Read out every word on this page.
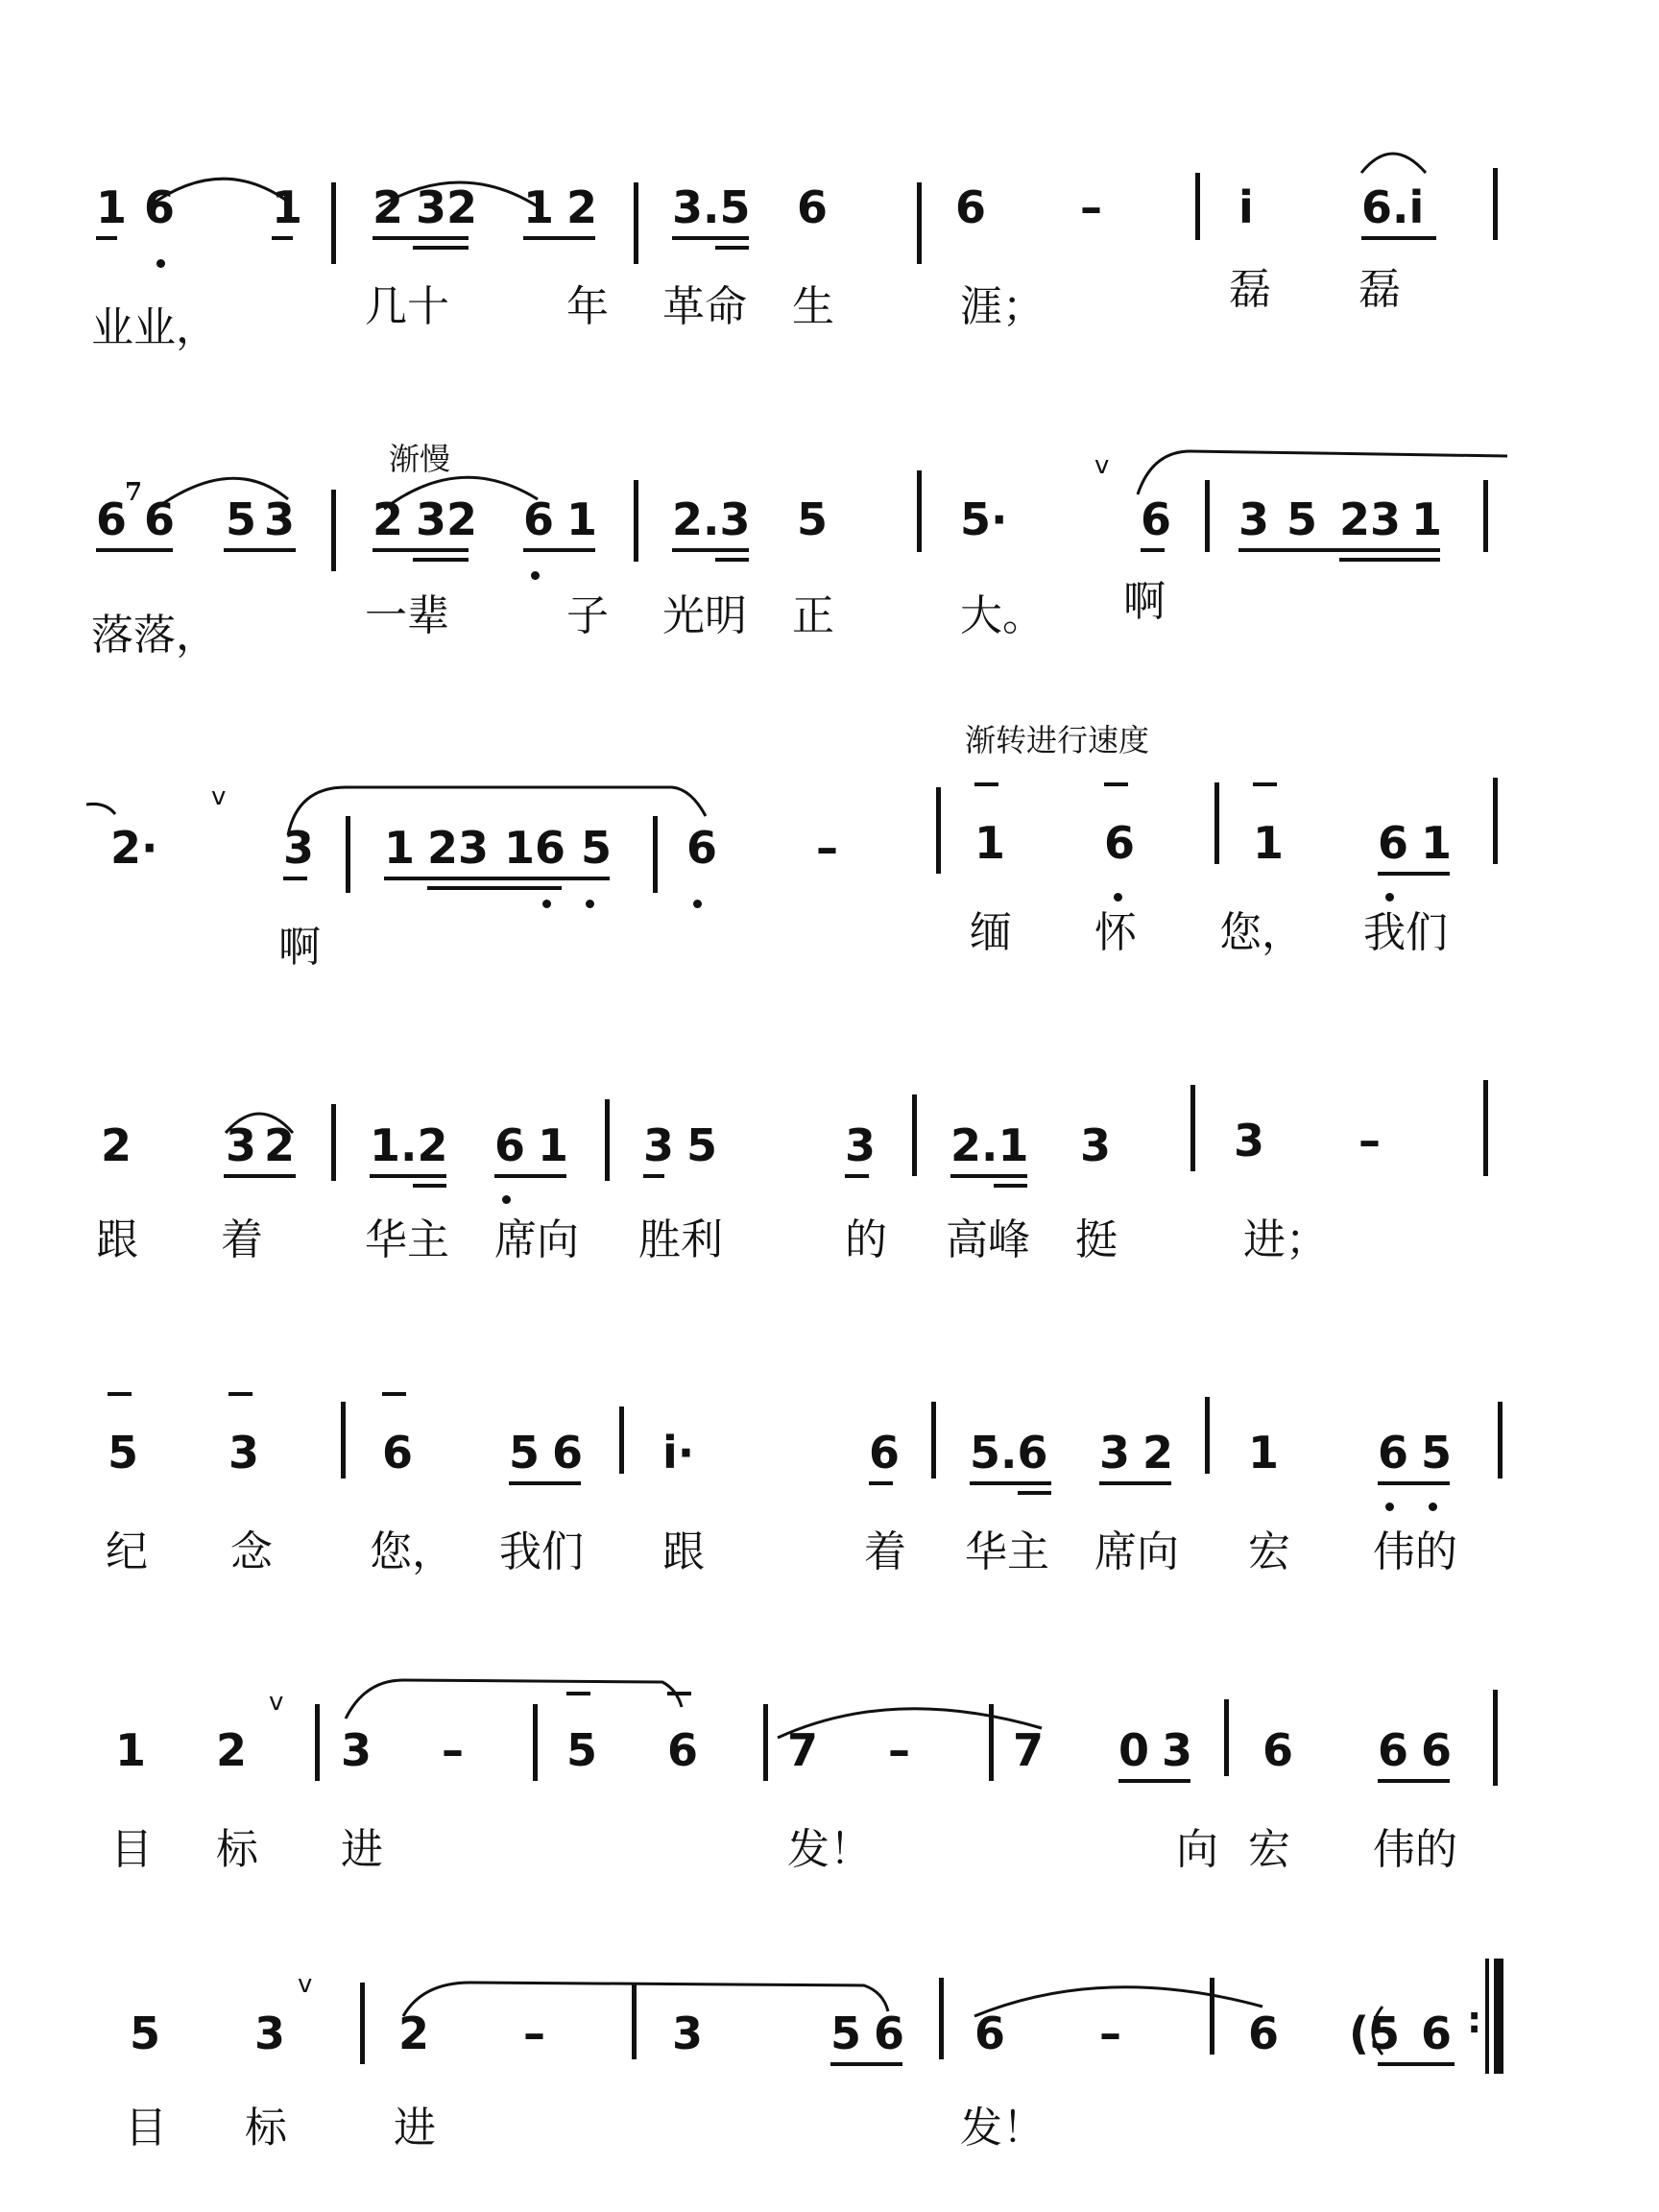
1 6 1 2 32 1 2 3.5 6	6 –	i 6.i
业业，	几十	年 革命 生	涯；	磊 磊
渐慢
6
7
6 5 3 2 32 6 1 2.3 5	5·
v
6 3 5 23 1
落落，	一辈	子 光明 正	大。 啊
渐转进行速度
2·
v
3 1 23 16 5 6 –	1 6	1 6 1
啊	缅 怀 您， 我们
2 3 2 1.2 6 1 3 5	3 2.1 3	3 –
跟 着 华主 席向 胜利	的 高峰 挺	进；
5 3	6 5 6 i·	6 5.6 3 2 1 6 5
纪 念 您， 我们 跟	着 华主 席向 宏 伟的
1 2
v
3 – 5 6 7 – 7 0 3 6 6 6
目 标 进	发！	向 宏 伟的
5 3
v
2 –	3	5 6 6 –	6 (5 6 :
目 标	进	发！
